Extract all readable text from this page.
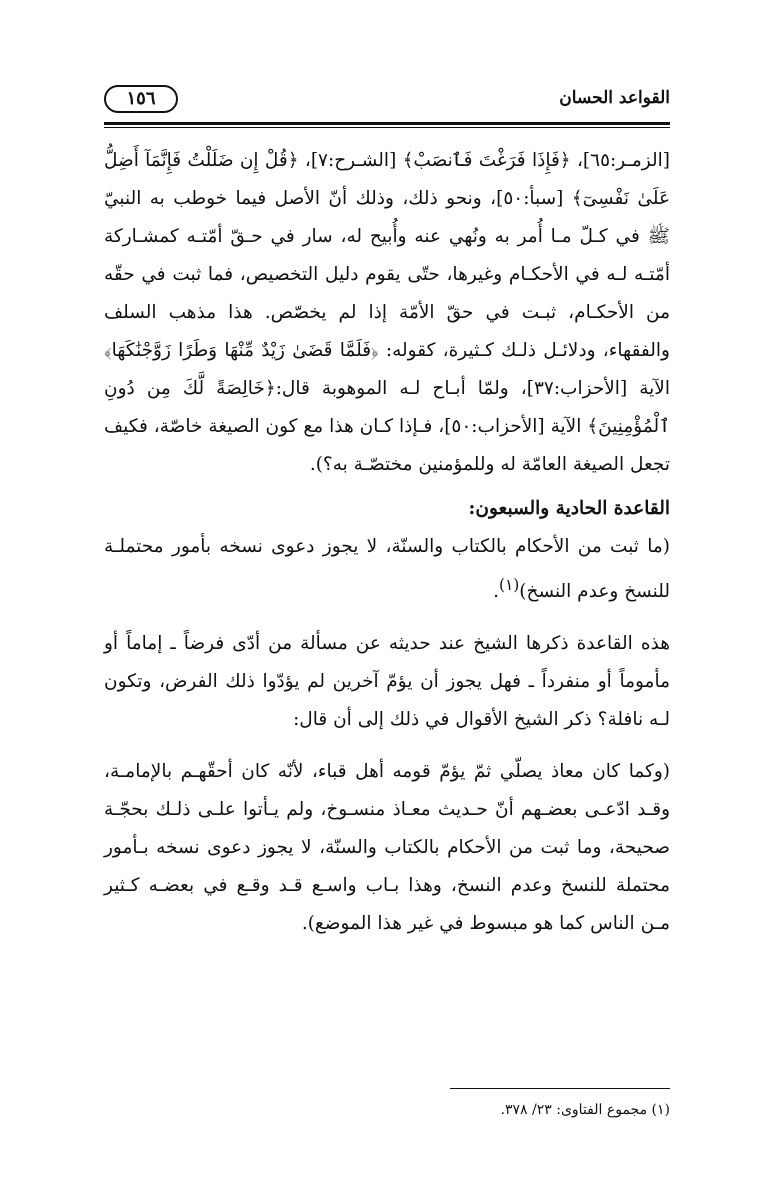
القواعد الحسان
١٥٦

[الزمـر:٦٥]، ﴿فَإِذَا فَرَغْتَ فَٱنصَبْ﴾ [الشـرح:٧]، ﴿قُلْ إِن ضَلَلْتُ فَإِنَّمَآ أَضِلُّ عَلَىٰ نَفْسِىٓ﴾ [سبأ:٥٠]، ونحو ذلك، وذلك أنّ الأصل فيما خوطب به النبيّ ﷺ في كـلّ مـا أُمر به ونُهي عنه وأُبيح له، سار في حـقّ أمّتـه كمشـاركة أمّتـه لـه في الأحكـام وغيرها، حتّى يقوم دليل التخصيص، فما ثبت في حقّه من الأحكـام، ثبـت في حقّ الأمّة إذا لم يخصّص. هذا مذهب السلف والفقهاء، ودلائـل ذلـك كـثيرة، كقوله: ﴿فَلَمَّا قَضَىٰ زَيْدٌ مِّنْهَا وَطَرًا زَوَّجْنَٰكَهَا﴾ الآية [الأحزاب:٣٧]، ولمّا أبـاح لـه الموهوبة قال:﴿خَالِصَةً لَّكَ مِن دُونِ ٱلْمُؤْمِنِينَ﴾ الآية [الأحزاب:٥٠]، فـإذا كـان هذا مع كون الصيغة خاصّة، فكيف تجعل الصيغة العامّة له وللمؤمنين مختصّـة به؟).

القاعدة الحادية والسبعون:

(ما ثبت من الأحكام بالكتاب والسنّة، لا يجوز دعوى نسخه بأمور محتملـة للنسخ وعدم النسخ)$^{(١)}$.

هذه القاعدة ذكرها الشيخ عند حديثه عن مسألة من أدّى فرضاً ـ إماماً أو مأموماً أو منفرداً ـ فهل يجوز أن يؤمّ آخرين لم يؤدّوا ذلك الفرض، وتكون لـه نافلة؟ ذكر الشيخ الأقوال في ذلك إلى أن قال:

(وكما كان معاذ يصلّي ثمّ يؤمّ قومه أهل قباء، لأنّه كان أحقّهـم بالإمامـة، وقـد ادّعـى بعضـهم أنّ حـديث معـاذ منسـوخ، ولم يـأتوا علـى ذلـك بحجّـة صحيحة، وما ثبت من الأحكام بالكتاب والسنّة، لا يجوز دعوى نسخه بـأمور محتملة للنسخ وعدم النسخ، وهذا بـاب واسـع قـد وقـع في بعضـه كـثير مـن الناس كما هو مبسوط في غير هذا الموضع).

(١) مجموع الفتاوى: ٢٣/ ٣٧٨.
